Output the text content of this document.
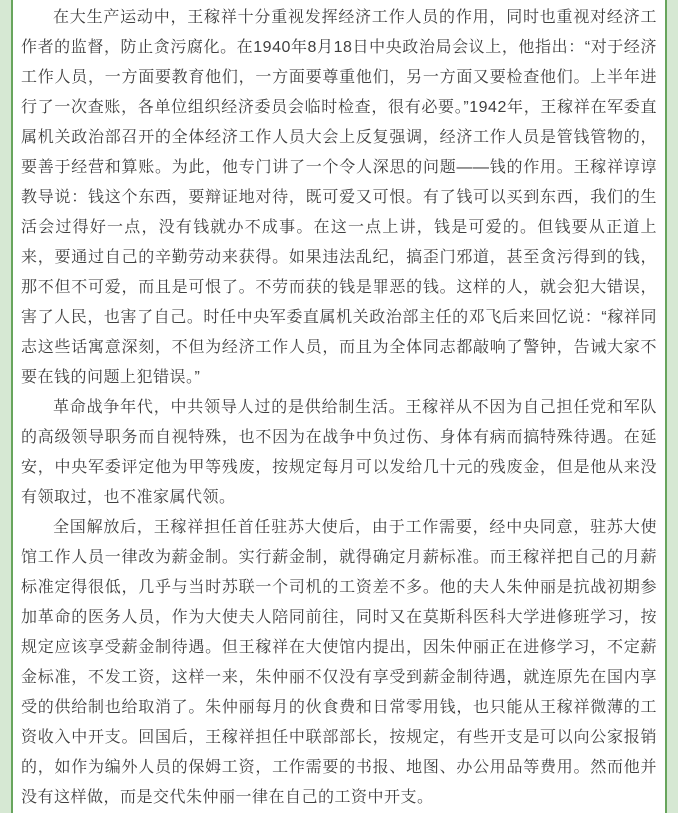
在大生产运动中，王稼祥十分重视发挥经济工作人员的作用，同时也重视对经济工作者的监督，防止贪污腐化。在1940年8月18日中央政治局会议上，他指出：“对于经济工作人员，一方面要教育他们，一方面要尊重他们，另一方面又要检查他们。上半年进行了一次查账，各单位组织经济委员会临时检查，很有必要。”1942年，王稼祥在军委直属机关政治部召开的全体经济工作人员大会上反复强调，经济工作人员是管钱管物的，要善于经营和算账。为此，他专门讲了一个令人深思的问题——钱的作用。王稼祥谆谆教导说：钱这个东西，要辩证地对待，既可爱又可恨。有了钱可以买到东西，我们的生活会过得好一点，没有钱就办不成事。在这一点上讲，钱是可爱的。但钱要从正道上来，要通过自己的辛勤劳动来获得。如果违法乱纪，搞歪门邪道，甚至贪污得到的钱，那不但不可爱，而且是可恨了。不劳而获的钱是罪恶的钱。这样的人，就会犯大错误，害了人民，也害了自己。时任中央军委直属机关政治部主任的邓飞后来回忆说：“稼祥同志这些话寓意深刻，不但为经济工作人员，而且为全体同志都敲响了警钟，告诫大家不要在钱的问题上犯错误。”

革命战争年代，中共领导人过的是供给制生活。王稼祥从不因为自己担任党和军队的高级领导职务而自视特殊，也不因为在战争中负过伤、身体有病而搞特殊待遇。在延安，中央军委评定他为甲等残废，按规定每月可以发给几十元的残废金，但是他从来没有领取过，也不准家属代领。

全国解放后，王稼祥担任首任驻苏大使后，由于工作需要，经中央同意，驻苏大使馆工作人员一律改为薪金制。实行薪金制，就得确定月薪标准。而王稼祥把自己的月薪标准定得很低，几乎与当时苏联一个司机的工资差不多。他的夫人朱仲丽是抗战初期参加革命的医务人员，作为大使夫人陪同前往，同时又在莫斯科医科大学进修班学习，按规定应该享受薪金制待遇。但王稼祥在大使馆内提出，因朱仲丽正在进修学习，不定薪金标准，不发工资，这样一来，朱仲丽不仅没有享受到薪金制待遇，就连原先在国内享受的供给制也给取消了。朱仲丽每月的伙食费和日常零用钱，也只能从王稼祥微薄的工资收入中开支。回国后，王稼祥担任中联部部长，按规定，有些开支是可以向公家报销的，如作为编外人员的保姆工资，工作需要的书报、地图、办公用品等费用。然而他并没有这样做，而是交代朱仲丽一律在自己的工资中开支。
